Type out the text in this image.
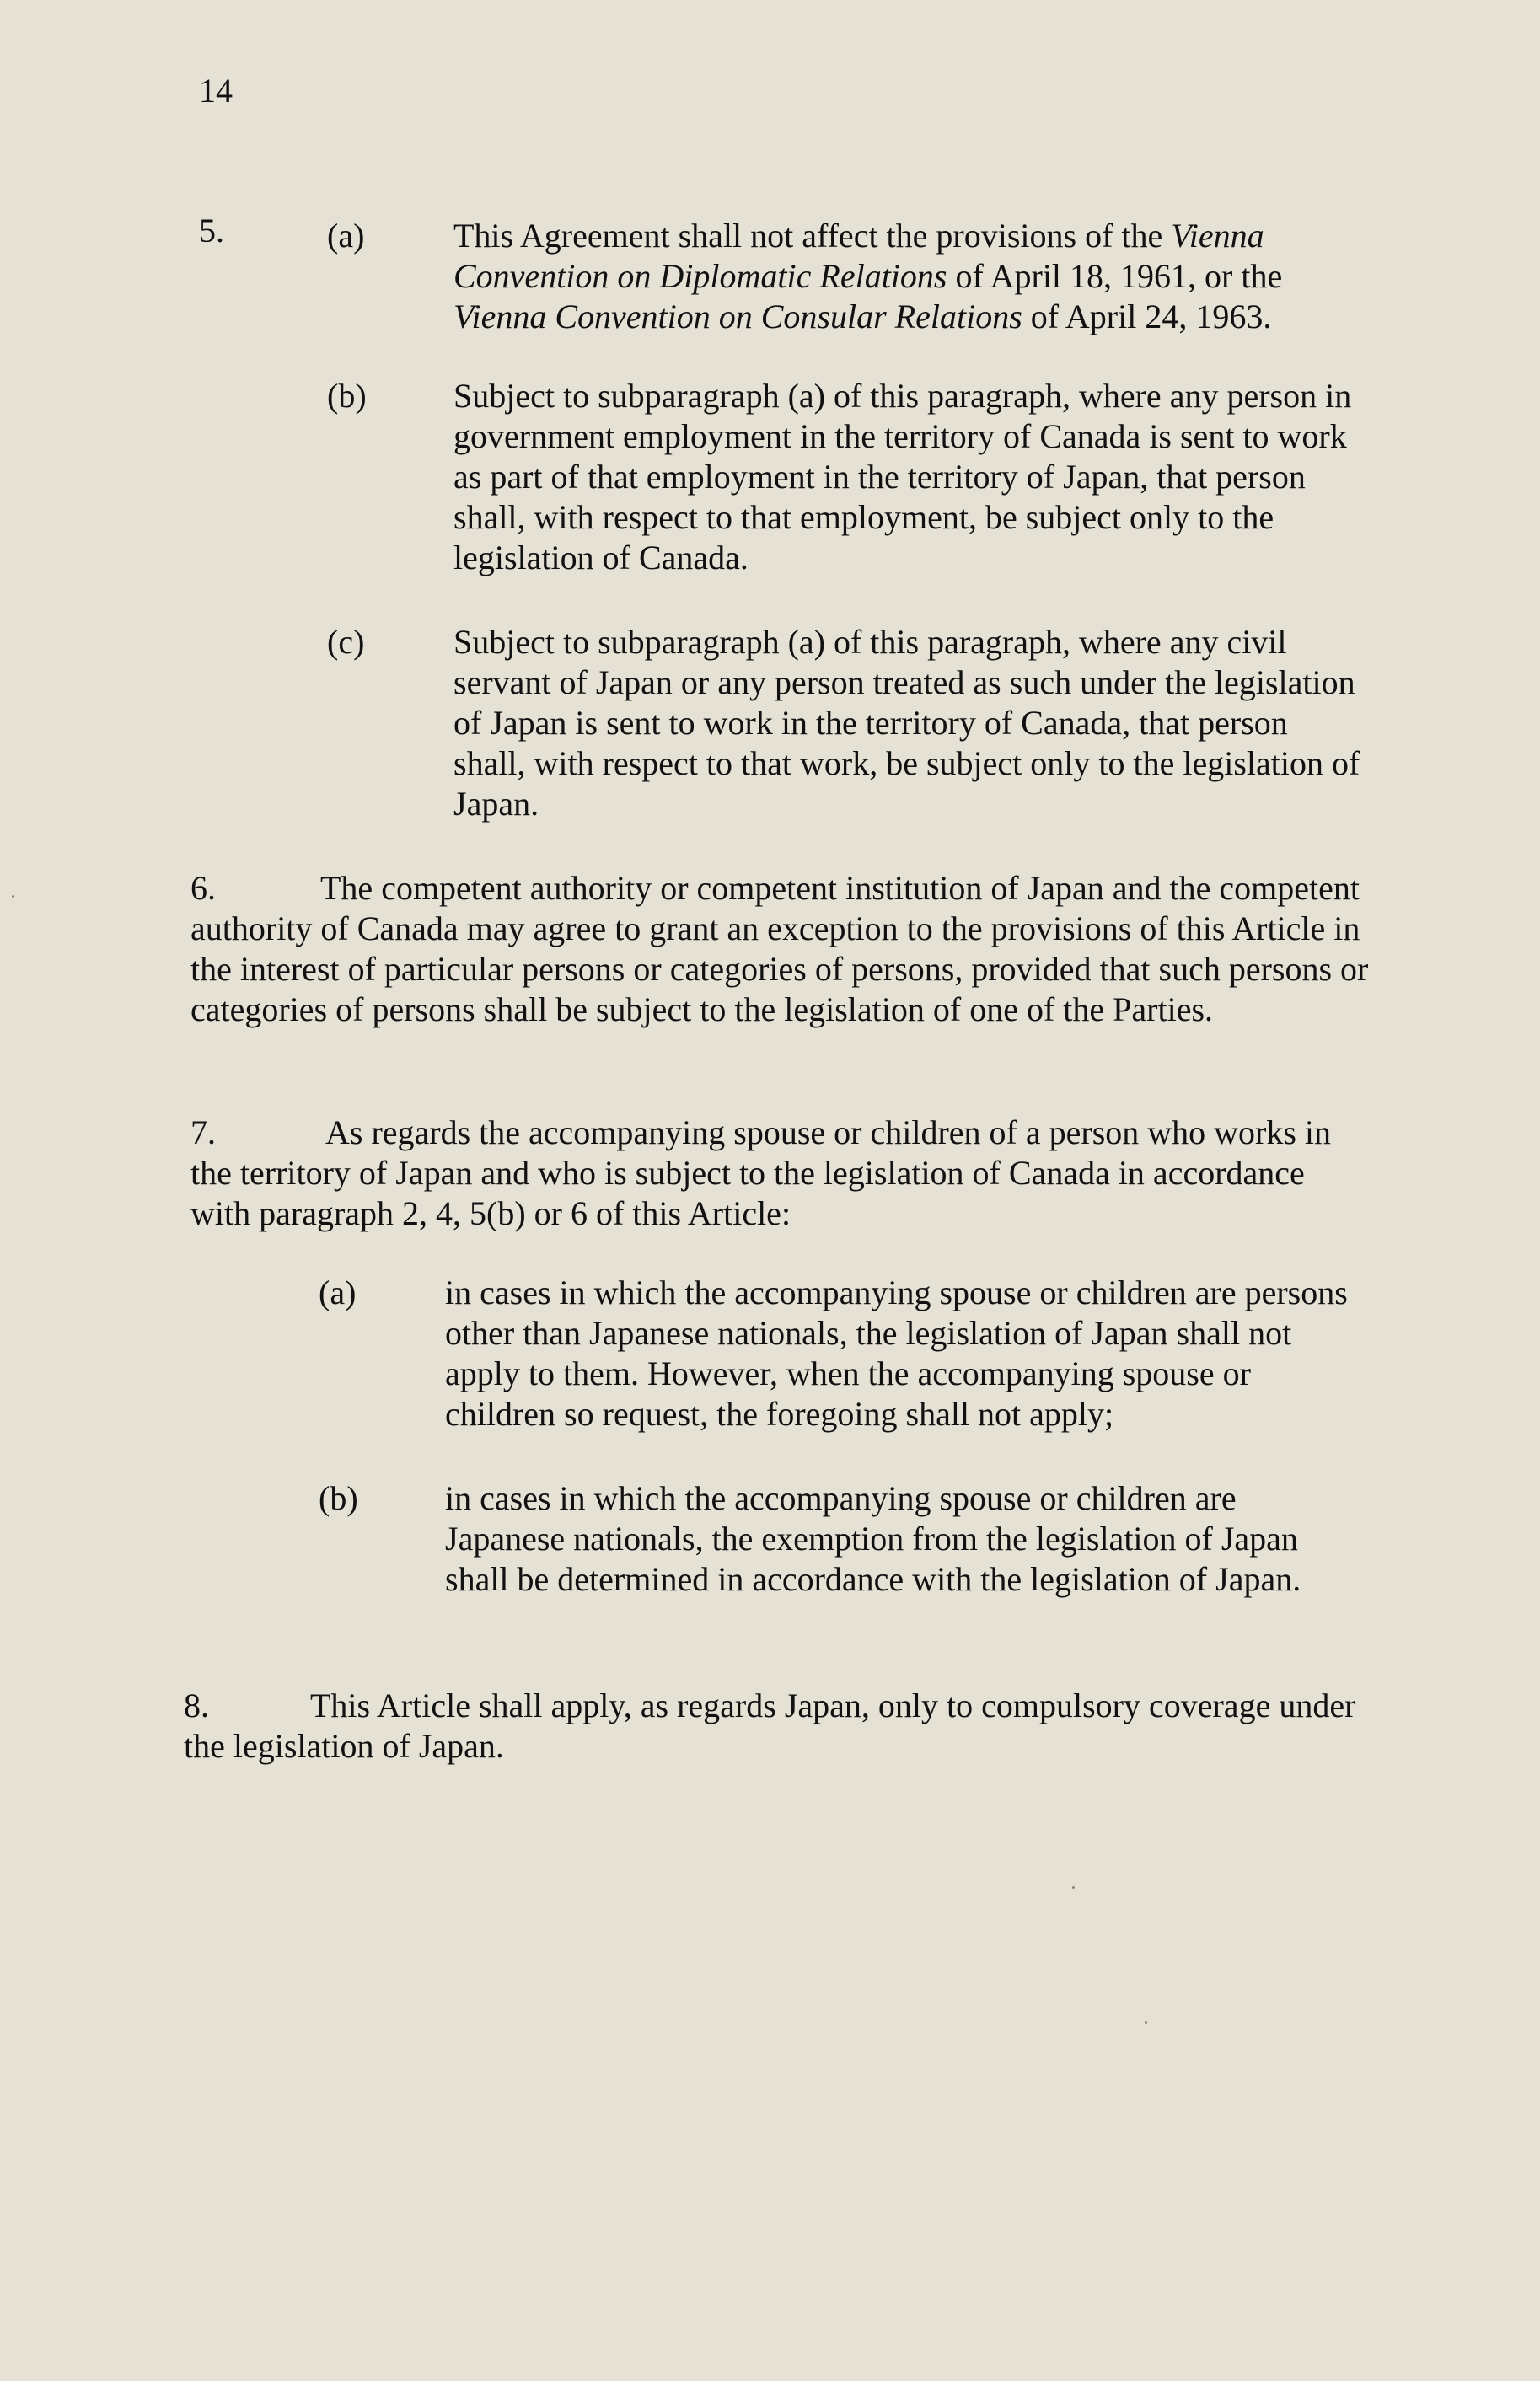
14
5.	(a)	This Agreement shall not affect the provisions of the Vienna Convention on Diplomatic Relations of April 18, 1961, or the Vienna Convention on Consular Relations of April 24, 1963.
(b)	Subject to subparagraph (a) of this paragraph, where any person in government employment in the territory of Canada is sent to work as part of that employment in the territory of Japan, that person shall, with respect to that employment, be subject only to the legislation of Canada.
(c)	Subject to subparagraph (a) of this paragraph, where any civil servant of Japan or any person treated as such under the legislation of Japan is sent to work in the territory of Canada, that person shall, with respect to that work, be subject only to the legislation of Japan.
6.	The competent authority or competent institution of Japan and the competent authority of Canada may agree to grant an exception to the provisions of this Article in the interest of particular persons or categories of persons, provided that such persons or categories of persons shall be subject to the legislation of one of the Parties.
7.	As regards the accompanying spouse or children of a person who works in the territory of Japan and who is subject to the legislation of Canada in accordance with paragraph 2, 4, 5(b) or 6 of this Article:
(a)	in cases in which the accompanying spouse or children are persons other than Japanese nationals, the legislation of Japan shall not apply to them. However, when the accompanying spouse or children so request, the foregoing shall not apply;
(b)	in cases in which the accompanying spouse or children are Japanese nationals, the exemption from the legislation of Japan shall be determined in accordance with the legislation of Japan.
8.	This Article shall apply, as regards Japan, only to compulsory coverage under the legislation of Japan.
